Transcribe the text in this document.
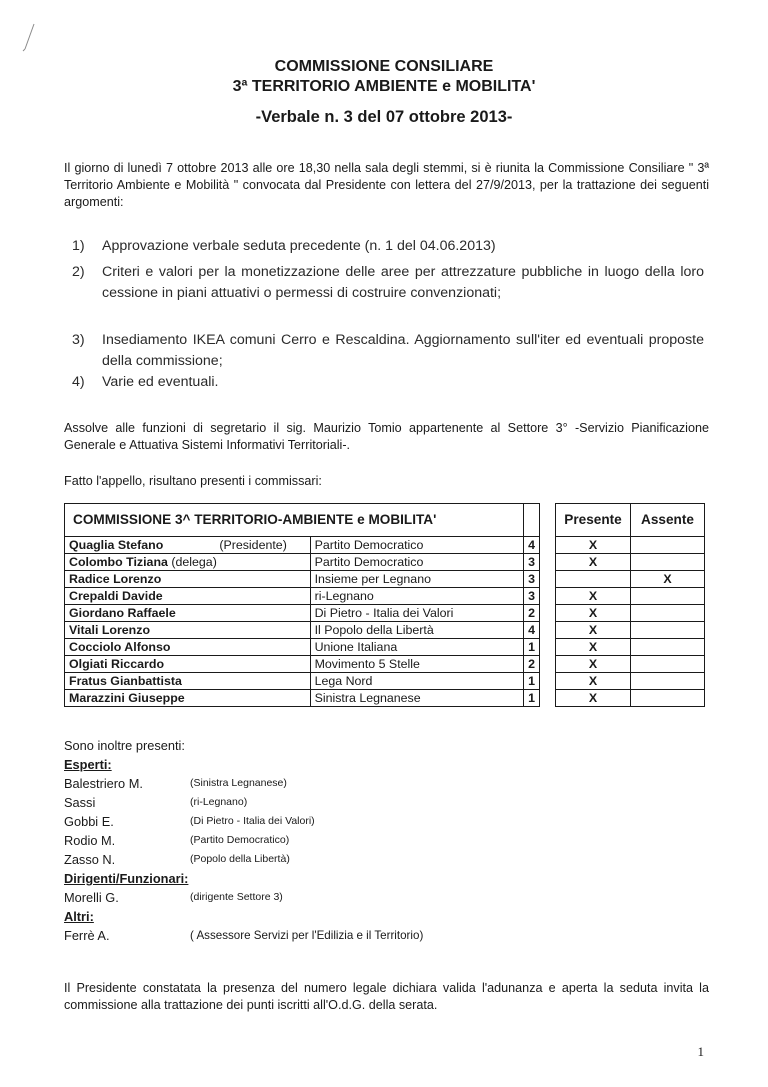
COMMISSIONE CONSILIARE
3ª TERRITORIO AMBIENTE e MOBILITA'
-Verbale n. 3 del 07 ottobre 2013-
Il giorno di lunedì 7 ottobre 2013 alle ore 18,30 nella sala degli stemmi, si è riunita la Commissione Consiliare " 3ª Territorio Ambiente e Mobilità " convocata dal Presidente con lettera del 27/9/2013, per la trattazione dei seguenti argomenti:
1) Approvazione verbale seduta precedente (n. 1 del 04.06.2013)
2) Criteri e valori per la monetizzazione delle aree per attrezzature pubbliche in luogo della loro cessione in piani attuativi o permessi di costruire convenzionati;
3) Insediamento IKEA comuni Cerro e Rescaldina. Aggiornamento sull'iter ed eventuali proposte della commissione;
4) Varie ed eventuali.
Assolve alle funzioni di segretario il sig. Maurizio Tomio appartenente al Settore 3° -Servizio Pianificazione Generale e Attuativa Sistemi Informativi Territoriali-.
Fatto l'appello, risultano presenti i commissari:
COMMISSIONE 3^ TERRITORIO-AMBIENTE e MOBILITA'				Presente	Assente
Quaglia Stefano (Presidente)	Partito Democratico	4		X	
Colombo Tiziana (delega)	Partito Democratico	3		X	
Radice Lorenzo	Insieme per Legnano	3			X
Crepaldi Davide	ri-Legnano	3		X	
Giordano Raffaele	Di Pietro - Italia dei Valori	2		X	
Vitali Lorenzo	Il Popolo della Libertà	4		X	
Cocciolo Alfonso	Unione Italiana	1		X	
Olgiati Riccardo	Movimento 5 Stelle	2		X	
Fratus Gianbattista	Lega Nord	1		X	
Marazzini Giuseppe	Sinistra Legnanese	1		X	
Sono inoltre presenti:
Esperti:
Balestriero M.	(Sinistra Legnanese)
Sassi	(ri-Legnano)
Gobbi E.	(Di Pietro - Italia dei Valori)
Rodio M.	(Partito Democratico)
Zasso N.	(Popolo della Libertà)
Dirigenti/Funzionari:
Morelli G.	(dirigente Settore 3)
Altri:
Ferrè A.	( Assessore Servizi per l'Edilizia e il Territorio)
Il Presidente constatata la presenza del numero legale dichiara valida l'adunanza e aperta la seduta invita la commissione alla trattazione dei punti iscritti all'O.d.G. della serata.
1
